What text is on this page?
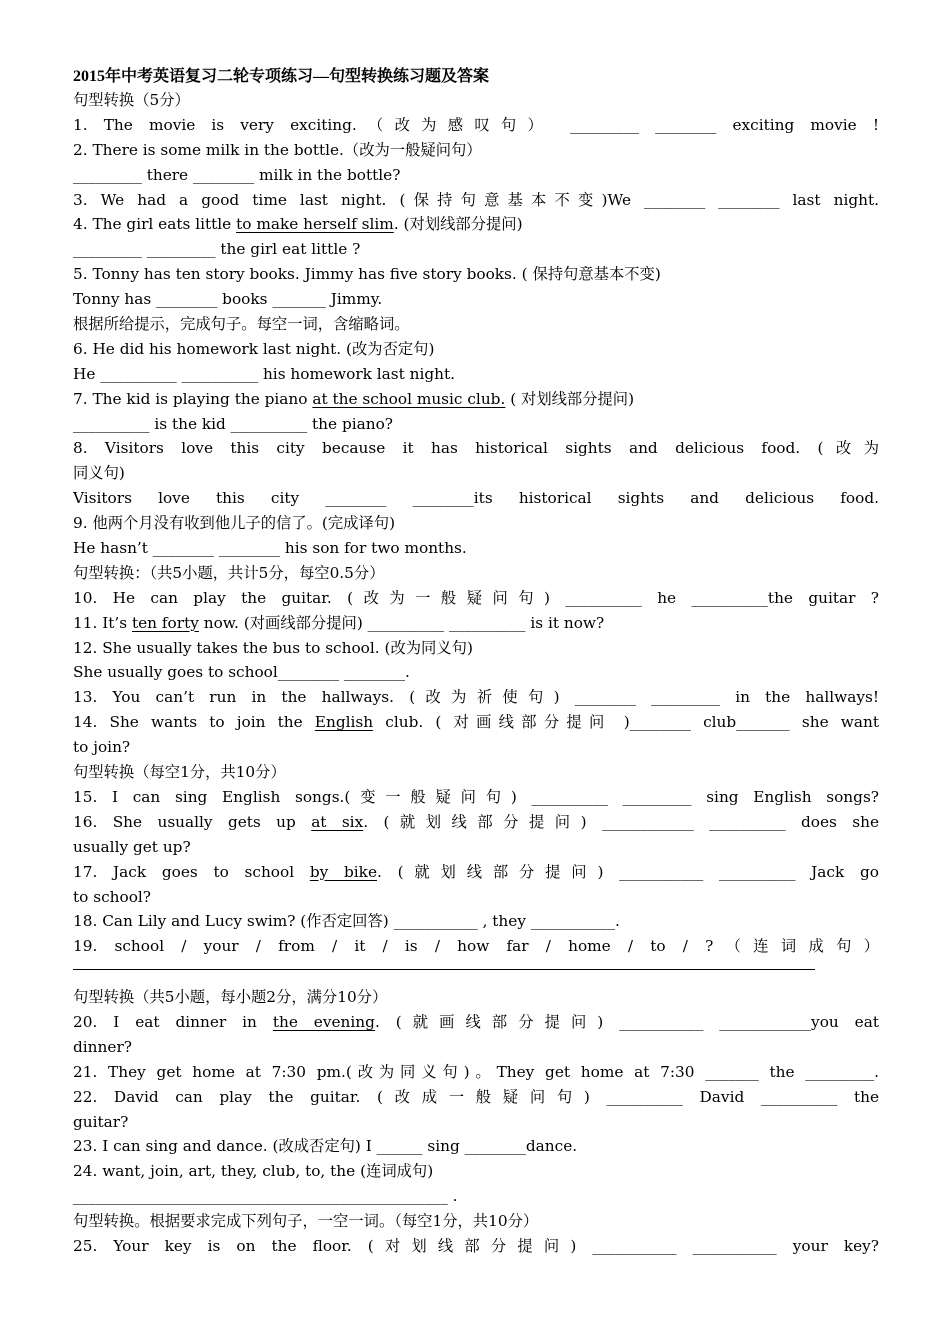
2015年中考英语复习二轮专项练习—句型转换练习题及答案
句型转换（5分）
1. The movie is very exciting.（改为感叹句） _________ ________ exciting movie !
2. There is some milk in the bottle.（改为一般疑问句）
_________ there ________ milk in the bottle?
3. We had a good time last night. (保持句意基本不变)We ________ ________ last night.
4. The girl eats little to make herself slim. (对划线部分提问)
_________ _________ the girl eat little ?
5. Tonny has ten story books. Jimmy has five story books. ( 保持句意基本不变)
Tonny has ________ books _______ Jimmy.
根据所给提示，完成句子。每空一词，含缩略词。
6. He did his homework last night. (改为否定句)
He __________ __________ his homework last night.
7. The kid is playing the piano at the school music club. ( 对划线部分提问)
__________ is the kid __________ the piano?
8. Visitors love this city because it has historical sights and delicious food. (改为
同义句)
Visitors love this city ________ ________its historical sights and delicious food.
9. 他两个月没有收到他儿子的信了。(完成译句)
He hasn’t ________ ________ his son for two months.
句型转换：（共5小题，共计5分，每空0.5分）
10. He can play the guitar. (改为一般疑问句) __________ he __________the guitar ?
11. It’s ten forty now. (对画线部分提问) __________ __________ is it now?
12. She usually takes the bus to school. (改为同义句)
She usually goes to school________ ________.
13. You can’t run in the hallways. (改为祈使句) ________ _________ in the hallways!
14. She wants to join the English club. ( 对画线部分提问 )________ club_______ she want
to join?
句型转换（每空1分，共10分）
15. I can sing English songs.(变一般疑问句) __________ _________ sing English songs?
16. She usually gets up at six. (就划线部分提问) ____________ __________ does she
usually get up?
17. Jack goes to school by bike. (就划线部分提问) ___________ __________ Jack go
to school?
18. Can Lily and Lucy swim? (作否定回答) ___________ , they ___________.
19. school / your / from / it / is / how far / home / to / ?（连词成句）
句型转换（共5小题，每小题2分，满分10分）
20. I eat dinner in the evening. (就画线部分提问) ___________ ____________you eat
dinner?
21. They get home at 7:30 pm.(改为同义句)。They get home at 7:30 _______ the _________.
22. David can play the guitar. (改成一般疑问句) __________ David __________ the
guitar?
23. I can sing and dance. (改成否定句) I ______ sing ________dance.
24. want, join, art, they, club, to, the (连词成句)
_________________________________________________ .
句型转换。根据要求完成下列句子，一空一词。（每空1分，共10分）
25. Your key is on the floor. (对划线部分提问) ___________ ___________ your key?
